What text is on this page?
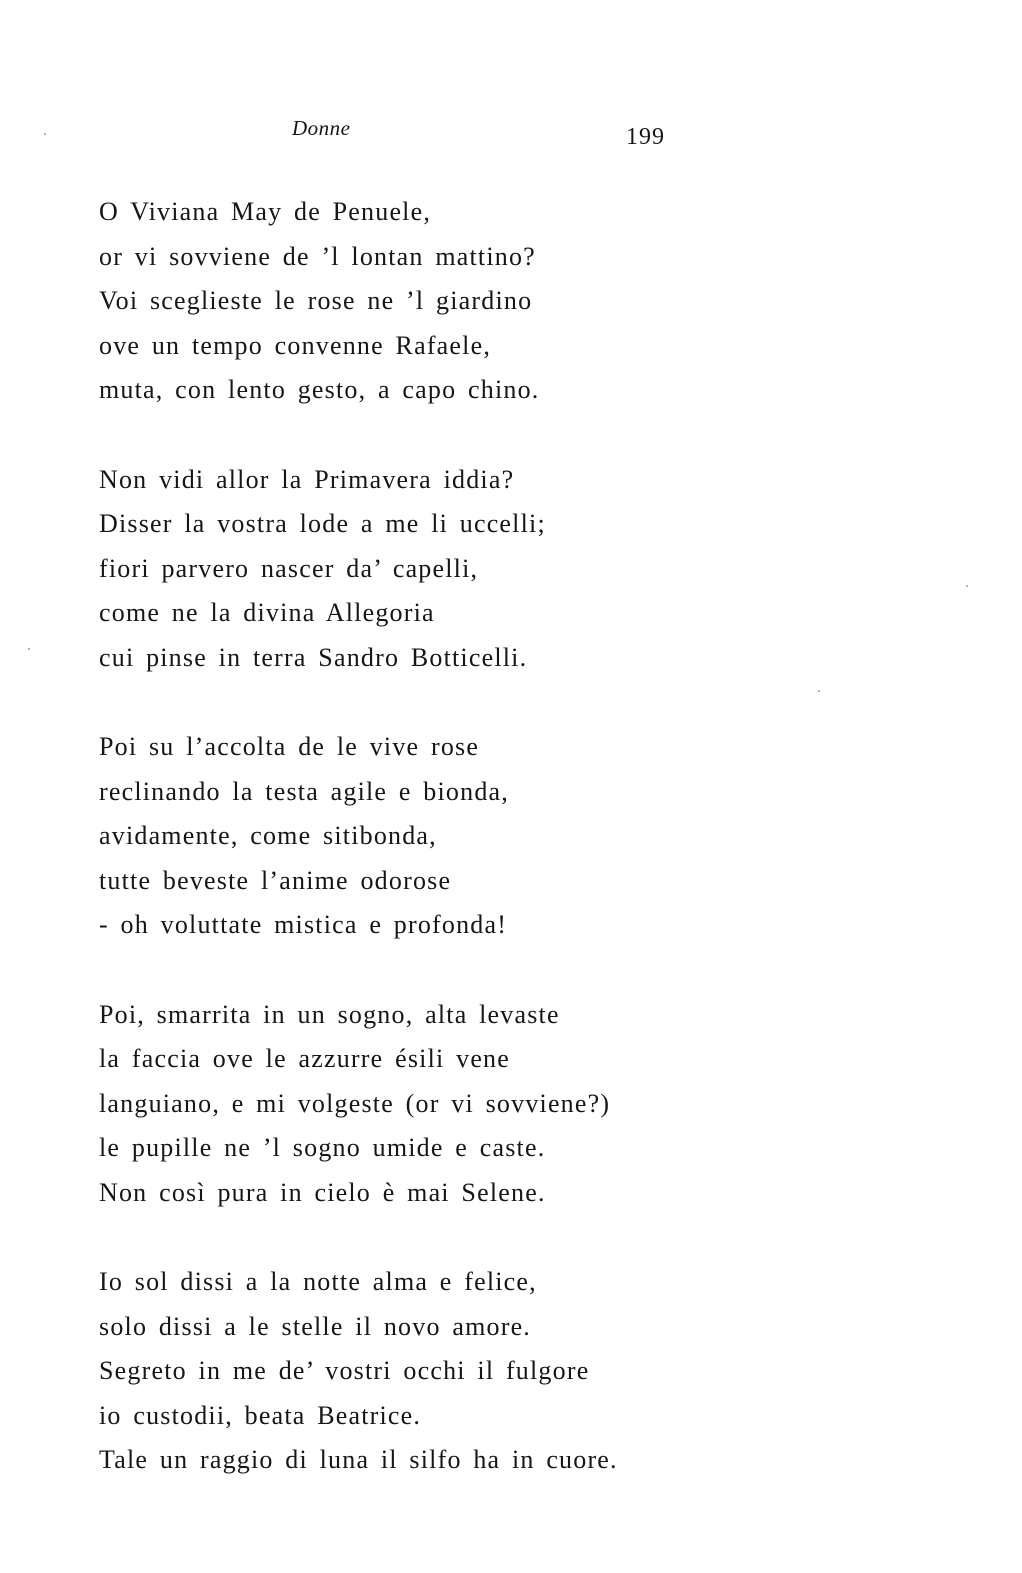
Donne	199
O Viviana May de Penuele,
or vi sovviene de ’l lontan mattino?
Voi sceglieste le rose ne ’l giardino
ove un tempo convenne Rafaele,
muta, con lento gesto, a capo chino.
Non vidi allor la Primavera iddia?
Disser la vostra lode a me li uccelli;
fiori parvero nascer da’ capelli,
come ne la divina Allegoria
cui pinse in terra Sandro Botticelli.
Poi su l’accolta de le vive rose
reclinando la testa agile e bionda,
avidamente, come sitibonda,
tutte beveste l’anime odorose
- oh voluttate mistica e profonda!
Poi, smarrita in un sogno, alta levaste
la faccia ove le azzurre ésili vene
languiano, e mi volgeste (or vi sovviene?)
le pupille ne ’l sogno umide e caste.
Non così pura in cielo è mai Selene.
Io sol dissi a la notte alma e felice,
solo dissi a le stelle il novo amore.
Segreto in me de’ vostri occhi il fulgore
io custodii, beata Beatrice.
Tale un raggio di luna il silfo ha in cuore.
